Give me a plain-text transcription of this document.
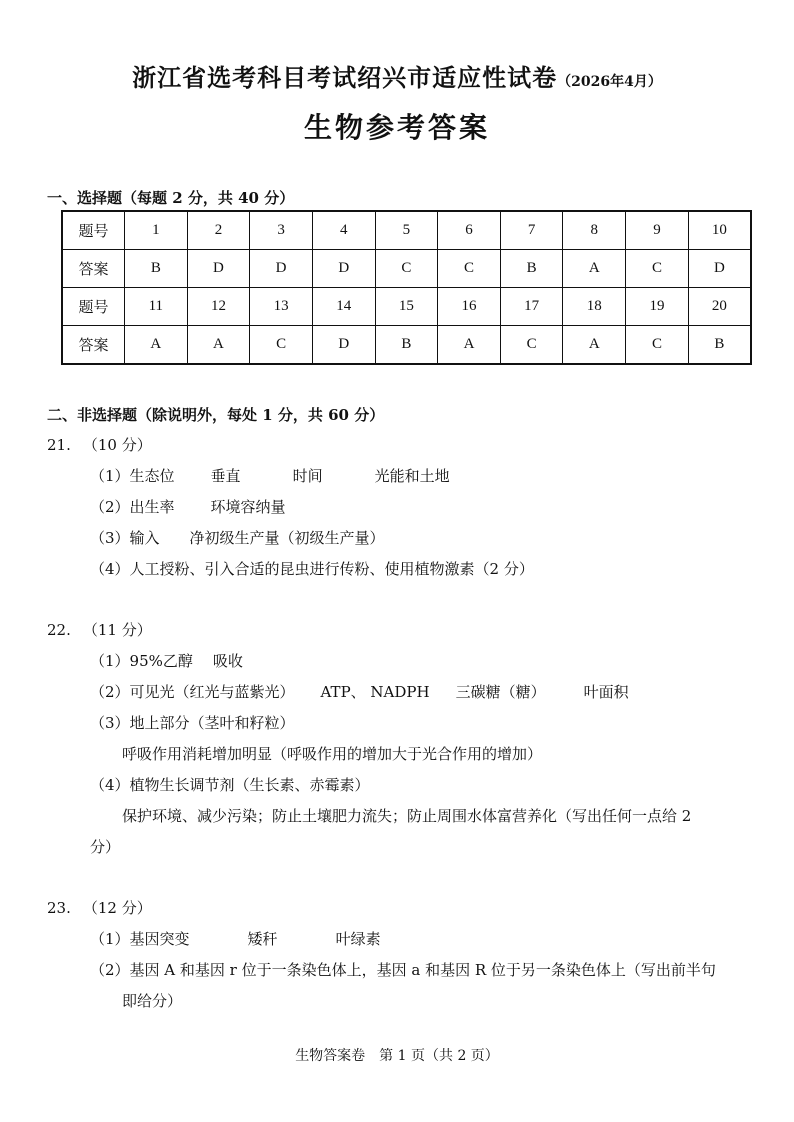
浙江省选考科目考试绍兴市适应性试卷（2026年4月）
生物参考答案
一、选择题（每题 2 分，共 40 分）
题号	1	2	3	4	5	6	7	8	9	10
答案	B	D	D	D	C	C	B	A	C	D
题号	11	12	13	14	15	16	17	18	19	20
答案	A	A	C	D	B	A	C	A	C	B
二、非选择题（除说明外，每处 1 分，共 60 分）
21. （10 分）
（1）生态位 垂直	时间	光能和土地
（2）出生率 环境容纳量
（3）输入 净初级生产量（初级生产量）
（4）人工授粉、引入合适的昆虫进行传粉、使用植物激素（2 分）
22. （11 分）
（1）95%乙醇 吸收
（2）可见光（红光与蓝紫光） ATP、 NADPH 三碳糖（糖）	叶面积
（3）地上部分（茎叶和籽粒）
呼吸作用消耗增加明显（呼吸作用的增加大于光合作用的增加）
（4）植物生长调节剂（生长素、赤霉素）
保护环境、减少污染；防止土壤肥力流失；防止周围水体富营养化（写出任何一点给 2
分）
23. （12 分）
（1）基因突变	矮秆	叶绿素
（2）基因 A 和基因 r 位于一条染色体上，基因 a 和基因 R 位于另一条染色体上（写出前半句
即给分）
生物答案卷　第 1 页（共 2 页）
